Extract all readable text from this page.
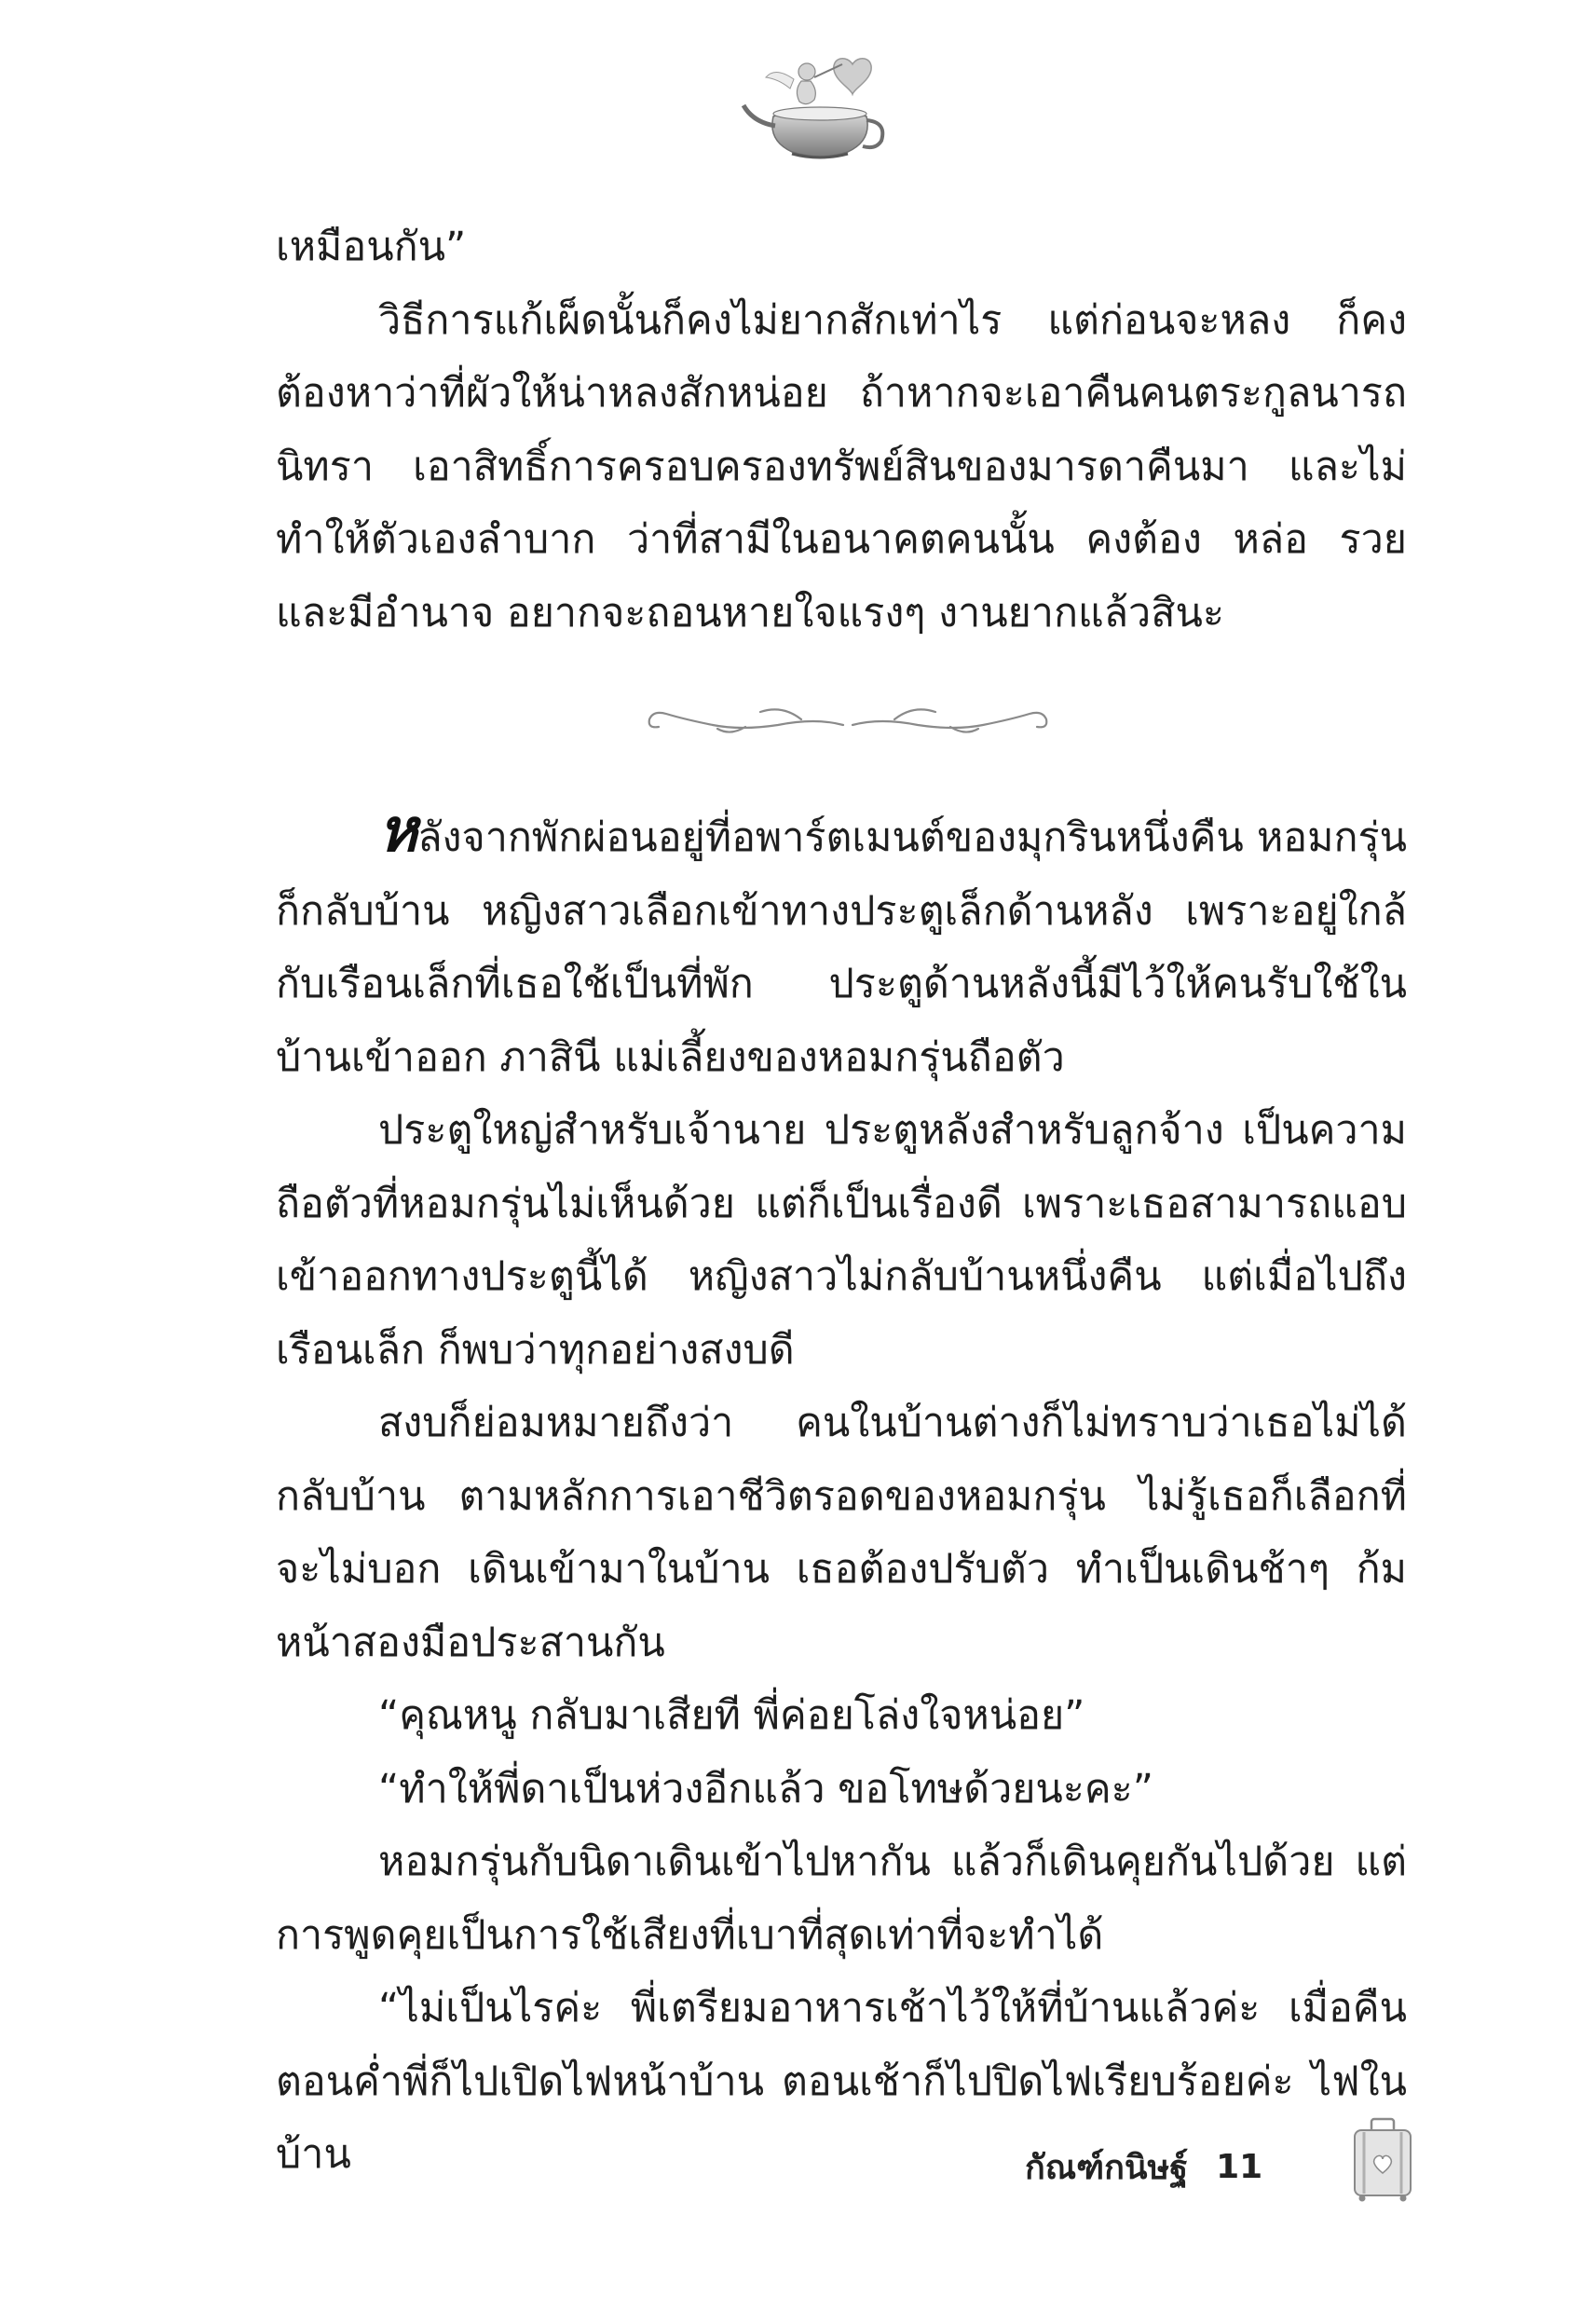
เหมือนกัน”

วิธีการแก้เผ็ดนั้นก็คงไม่ยากสักเท่าไร แต่ก่อนจะหลง ก็คงต้องหาว่าที่ผัวให้น่าหลงสักหน่อย ถ้าหากจะเอาคืนคนตระกูลนารถนิทรา เอาสิทธิ์การครอบครองทรัพย์สินของมารดาคืนมา และไม่ทำให้ตัวเองลำบาก ว่าที่สามีในอนาคตคนนั้น คงต้อง หล่อ รวย และมีอำนาจ อยากจะถอนหายใจแรงๆ งานยากแล้วสินะ

หลังจากพักผ่อนอยู่ที่อพาร์ตเมนต์ของมุกรินหนึ่งคืน หอมกรุ่นก็กลับบ้าน หญิงสาวเลือกเข้าทางประตูเล็กด้านหลัง เพราะอยู่ใกล้กับเรือนเล็กที่เธอใช้เป็นที่พัก ประตูด้านหลังนี้มีไว้ให้คนรับใช้ในบ้านเข้าออก ภาสินี แม่เลี้ยงของหอมกรุ่นถือตัว

ประตูใหญ่สำหรับเจ้านาย ประตูหลังสำหรับลูกจ้าง เป็นความถือตัวที่หอมกรุ่นไม่เห็นด้วย แต่ก็เป็นเรื่องดี เพราะเธอสามารถแอบเข้าออกทางประตูนี้ได้ หญิงสาวไม่กลับบ้านหนึ่งคืน แต่เมื่อไปถึงเรือนเล็ก ก็พบว่าทุกอย่างสงบดี

สงบก็ย่อมหมายถึงว่า คนในบ้านต่างก็ไม่ทราบว่าเธอไม่ได้กลับบ้าน ตามหลักการเอาชีวิตรอดของหอมกรุ่น ไม่รู้เธอก็เลือกที่จะไม่บอก เดินเข้ามาในบ้าน เธอต้องปรับตัว ทำเป็นเดินช้าๆ ก้มหน้าสองมือประสานกัน

“คุณหนู กลับมาเสียที พี่ค่อยโล่งใจหน่อย”

“ทำให้พี่ดาเป็นห่วงอีกแล้ว ขอโทษด้วยนะคะ”

หอมกรุ่นกับนิดาเดินเข้าไปหากัน แล้วก็เดินคุยกันไปด้วย แต่การพูดคุยเป็นการใช้เสียงที่เบาที่สุดเท่าที่จะทำได้

“ไม่เป็นไรค่ะ พี่เตรียมอาหารเช้าไว้ให้ที่บ้านแล้วค่ะ เมื่อคืนตอนค่ำพี่ก็ไปเปิดไฟหน้าบ้าน ตอนเช้าก็ไปปิดไฟเรียบร้อยค่ะ ไฟในบ้าน	กัณฑ์กนิษฐ์ 11
